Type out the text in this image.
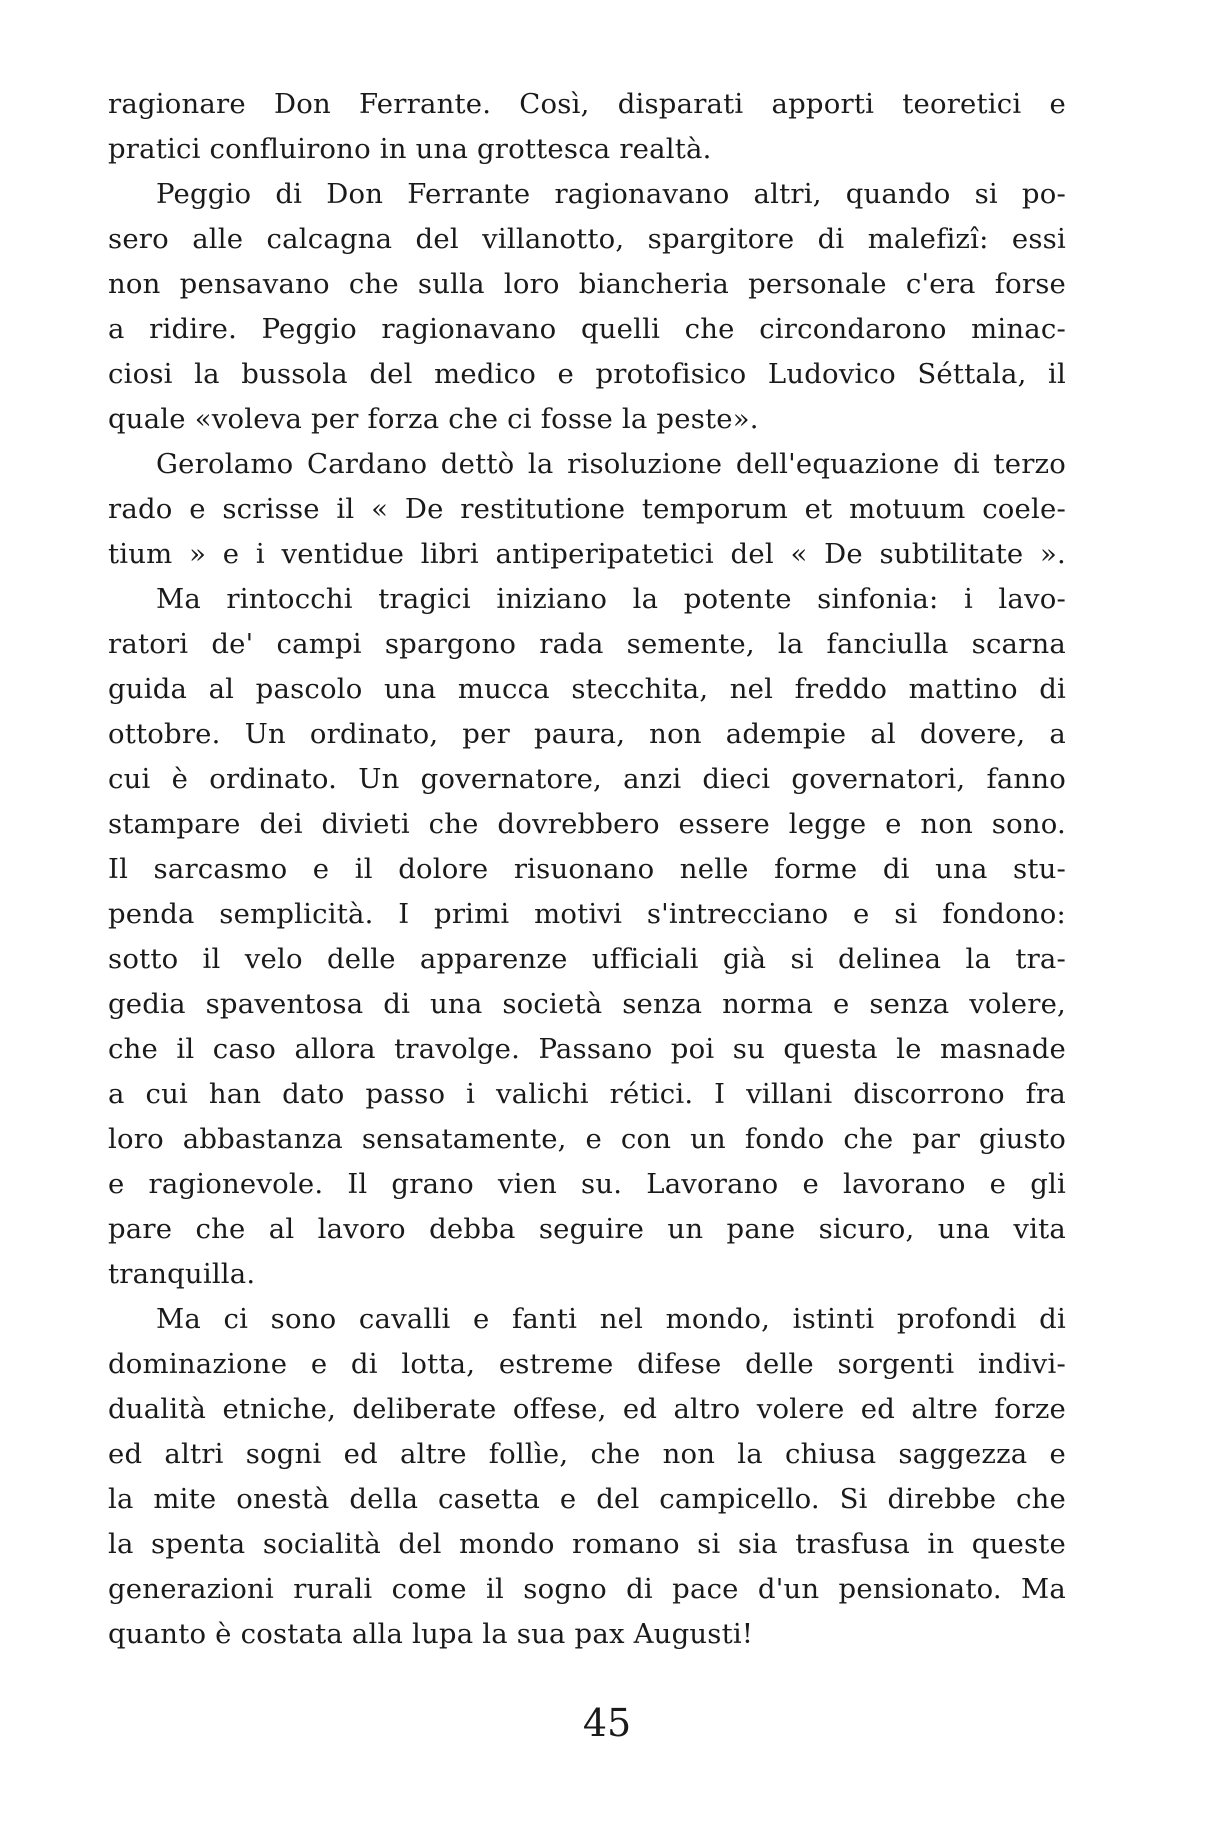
ragionare Don Ferrante. Così, disparati apporti teoretici e
pratici confluirono in una grottesca realtà.
Peggio di Don Ferrante ragionavano altri, quando si po-
sero alle calcagna del villanotto, spargitore di malefizî: essi
non pensavano che sulla loro biancheria personale c'era forse
a ridire. Peggio ragionavano quelli che circondarono minac-
ciosi la bussola del medico e protofisico Ludovico Séttala, il
quale «voleva per forza che ci fosse la peste».
Gerolamo Cardano dettò la risoluzione dell'equazione di terzo
rado e scrisse il « De restitutione temporum et motuum coele-
tium » e i ventidue libri antiperipatetici del « De subtilitate ».
Ma rintocchi tragici iniziano la potente sinfonia: i lavo-
ratori de' campi spargono rada semente, la fanciulla scarna
guida al pascolo una mucca stecchita, nel freddo mattino di
ottobre. Un ordinato, per paura, non adempie al dovere, a
cui è ordinato. Un governatore, anzi dieci governatori, fanno
stampare dei divieti che dovrebbero essere legge e non sono.
Il sarcasmo e il dolore risuonano nelle forme di una stu-
penda semplicità. I primi motivi s'intrecciano e si fondono:
sotto il velo delle apparenze ufficiali già si delinea la tra-
gedia spaventosa di una società senza norma e senza volere,
che il caso allora travolge. Passano poi su questa le masnade
a cui han dato passo i valichi rétici. I villani discorrono fra
loro abbastanza sensatamente, e con un fondo che par giusto
e ragionevole. Il grano vien su. Lavorano e lavorano e gli
pare che al lavoro debba seguire un pane sicuro, una vita
tranquilla.
Ma ci sono cavalli e fanti nel mondo, istinti profondi di
dominazione e di lotta, estreme difese delle sorgenti indivi-
dualità etniche, deliberate offese, ed altro volere ed altre forze
ed altri sogni ed altre follìe, che non la chiusa saggezza e
la mite onestà della casetta e del campicello. Si direbbe che
la spenta socialità del mondo romano si sia trasfusa in queste
generazioni rurali come il sogno di pace d'un pensionato. Ma
quanto è costata alla lupa la sua pax Augusti!
45
